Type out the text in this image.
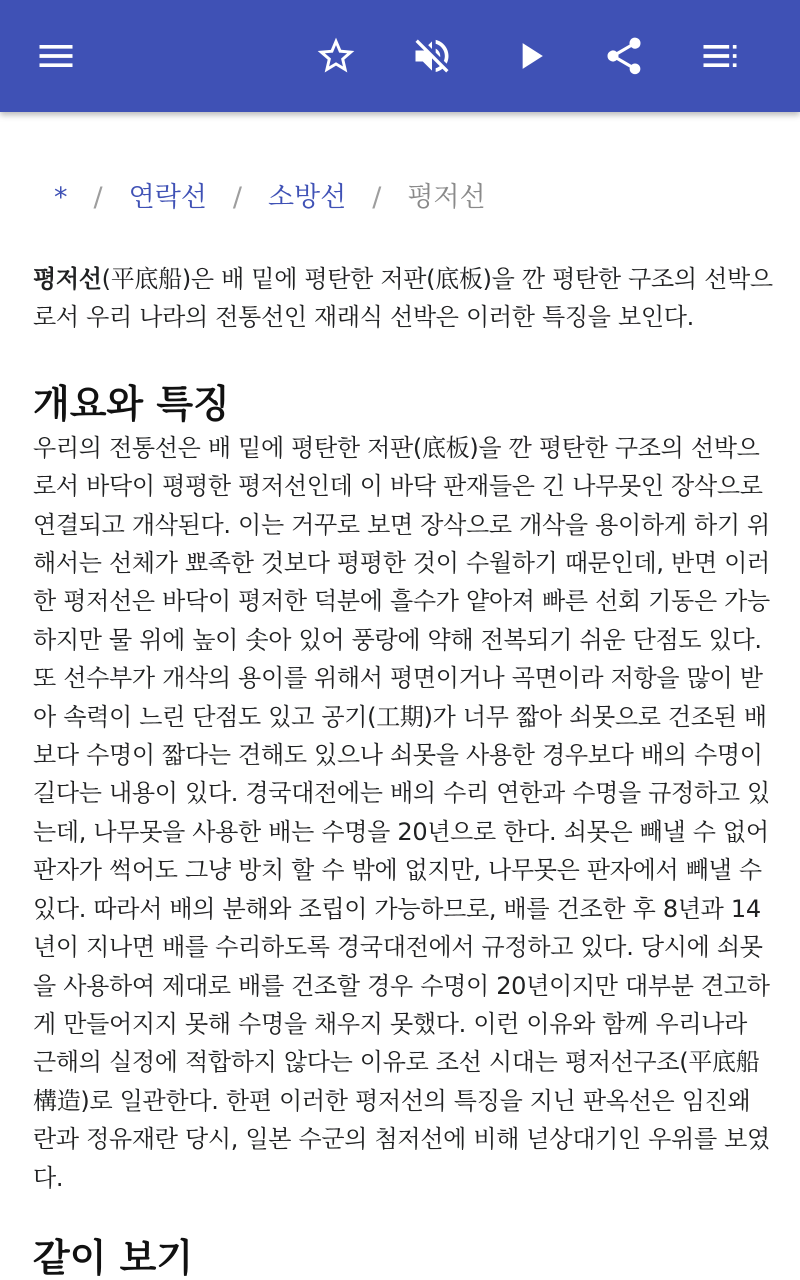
* / 연락선 / 소방선 / 평저선

평저선(平底船)은 배 밑에 평탄한 저판(底板)을 깐 평탄한 구조의 선박으로서 우리 나라의 전통선인 재래식 선박은 이러한 특징을 보인다.

개요와 특징

우리의 전통선은 배 밑에 평탄한 저판(底板)을 깐 평탄한 구조의 선박으로서 바닥이 평평한 평저선인데 이 바닥 판재들은 긴 나무못인 장삭으로 연결되고 개삭된다. 이는 거꾸로 보면 장삭으로 개삭을 용이하게 하기 위해서는 선체가 뾰족한 것보다 평평한 것이 수월하기 때문인데, 반면 이러한 평저선은 바닥이 평저한 덕분에 흘수가 얕아져 빠른 선회 기동은 가능하지만 물 위에 높이 솟아 있어 풍랑에 약해 전복되기 쉬운 단점도 있다. 또 선수부가 개삭의 용이를 위해서 평면이거나 곡면이라 저항을 많이 받아 속력이 느린 단점도 있고 공기(工期)가 너무 짧아 쇠못으로 건조된 배보다 수명이 짧다는 견해도 있으나 쇠못을 사용한 경우보다 배의 수명이 길다는 내용이 있다. 경국대전에는 배의 수리 연한과 수명을 규정하고 있는데, 나무못을 사용한 배는 수명을 20년으로 한다. 쇠못은 빼낼 수 없어 판자가 썩어도 그냥 방치 할 수 밖에 없지만, 나무못은 판자에서 빼낼 수 있다. 따라서 배의 분해와 조립이 가능하므로, 배를 건조한 후 8년과 14년이 지나면 배를 수리하도록 경국대전에서 규정하고 있다. 당시에 쇠못을 사용하여 제대로 배를 건조할 경우 수명이 20년이지만 대부분 견고하게 만들어지지 못해 수명을 채우지 못했다. 이런 이유와 함께 우리나라 근해의 실정에 적합하지 않다는 이유로 조선 시대는 평저선구조(平底船構造)로 일관한다. 한편 이러한 평저선의 특징을 지닌 판옥선은 임진왜란과 정유재란 당시, 일본 수군의 첨저선에 비해 넏상대기인 우위를 보였다.

같이 보기
